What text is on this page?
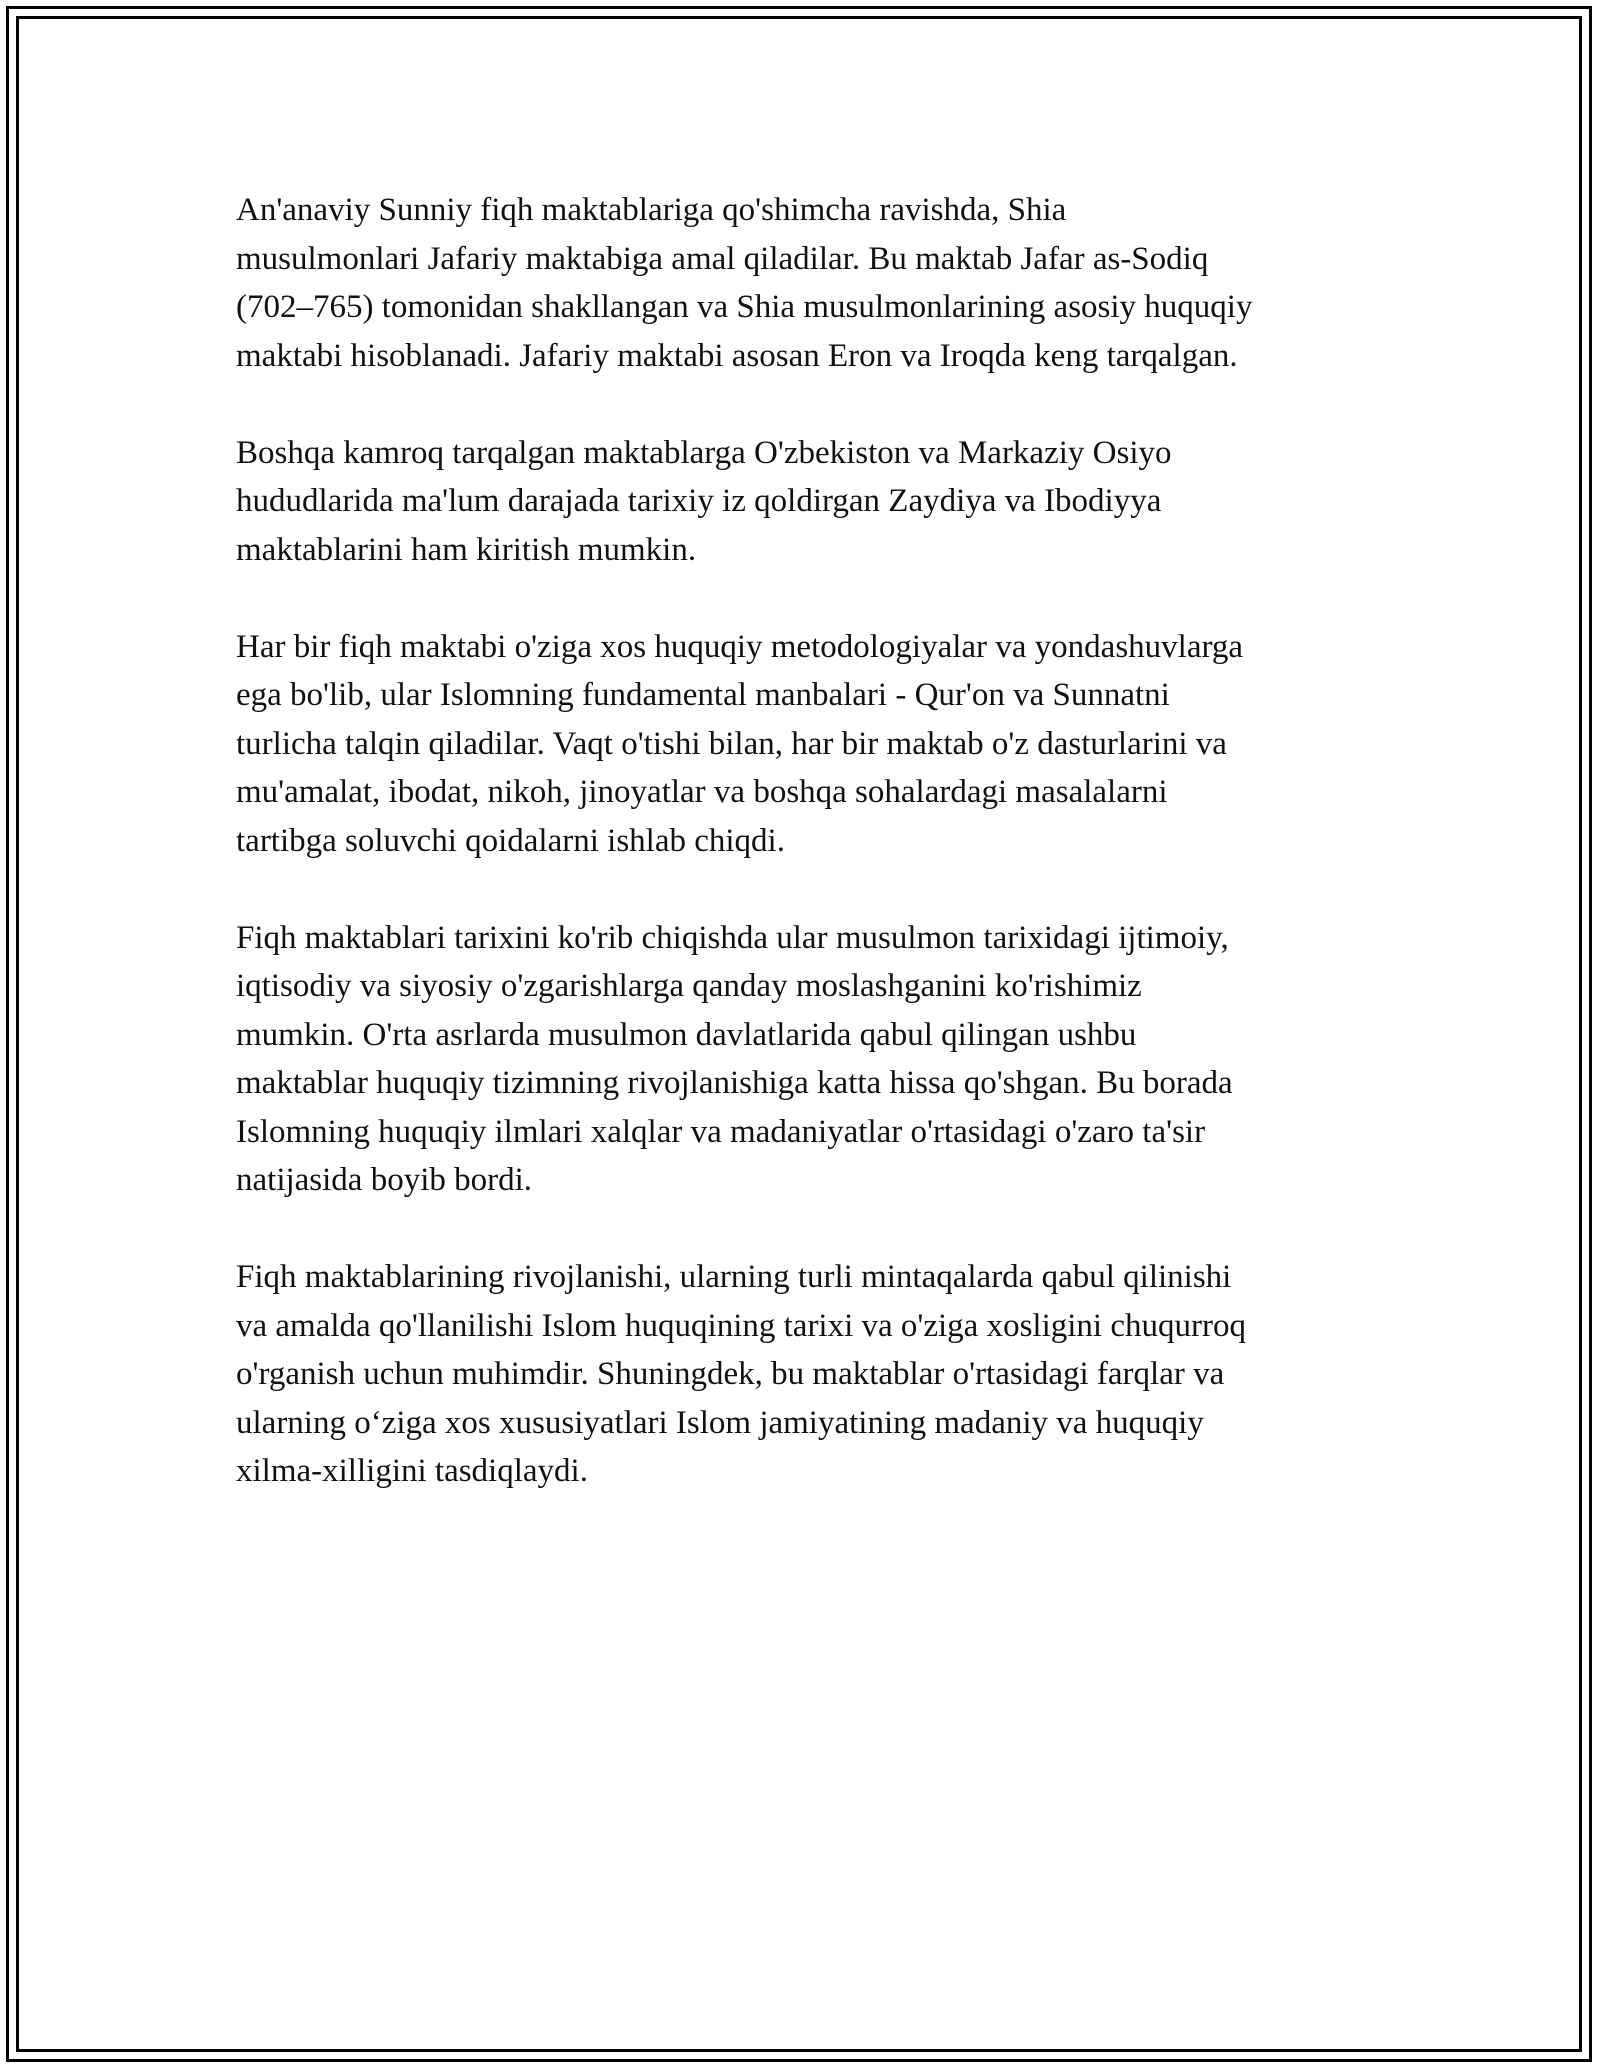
An'anaviy Sunniy fiqh maktablariga qo'shimcha ravishda, Shia
musulmonlari Jafariy maktabiga amal qiladilar. Bu maktab Jafar as-Sodiq
(702–765) tomonidan shakllangan va Shia musulmonlarining asosiy huquqiy
maktabi hisoblanadi. Jafariy maktabi asosan Eron va Iroqda keng tarqalgan.

Boshqa kamroq tarqalgan maktablarga O'zbekiston va Markaziy Osiyo
hududlarida ma'lum darajada tarixiy iz qoldirgan Zaydiya va Ibodiyya
maktablarini ham kiritish mumkin.

Har bir fiqh maktabi o'ziga xos huquqiy metodologiyalar va yondashuvlarga
ega bo'lib, ular Islomning fundamental manbalari - Qur'on va Sunnatni
turlicha talqin qiladilar. Vaqt o'tishi bilan, har bir maktab o'z dasturlarini va
mu'amalat, ibodat, nikoh, jinoyatlar va boshqa sohalardagi masalalarni
tartibga soluvchi qoidalarni ishlab chiqdi.

Fiqh maktablari tarixini ko'rib chiqishda ular musulmon tarixidagi ijtimoiy,
iqtisodiy va siyosiy o'zgarishlarga qanday moslashganini ko'rishimiz
mumkin. O'rta asrlarda musulmon davlatlarida qabul qilingan ushbu
maktablar huquqiy tizimning rivojlanishiga katta hissa qo'shgan. Bu borada
Islomning huquqiy ilmlari xalqlar va madaniyatlar o'rtasidagi o'zaro ta'sir
natijasida boyib bordi.

Fiqh maktablarining rivojlanishi, ularning turli mintaqalarda qabul qilinishi
va amalda qo'llanilishi Islom huquqining tarixi va o'ziga xosligini chuqurroq
o'rganish uchun muhimdir. Shuningdek, bu maktablar o'rtasidagi farqlar va
ularning o‘ziga xos xususiyatlari Islom jamiyatining madaniy va huquqiy
xilma-xilligini tasdiqlaydi.
